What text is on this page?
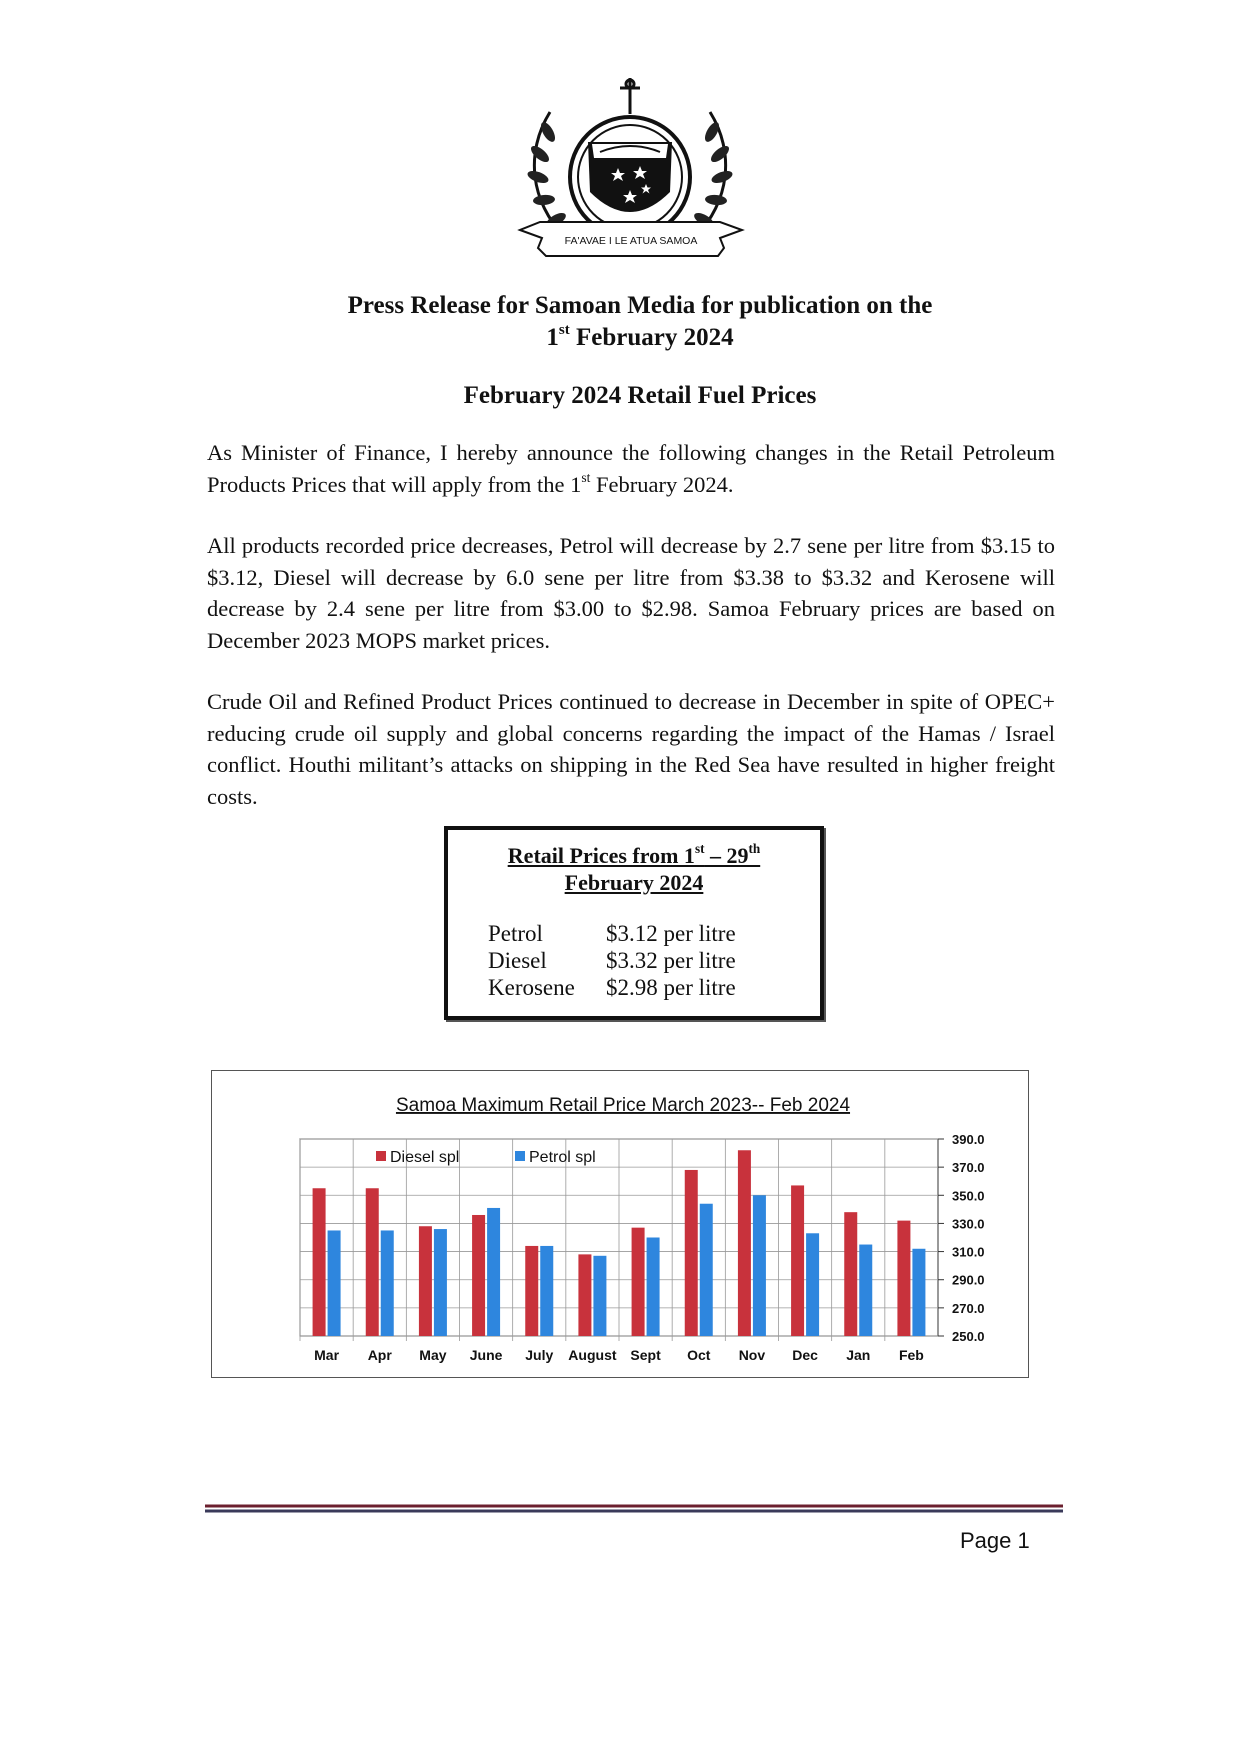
FA'AVAE I LE ATUA SAMOA
Press Release for Samoan Media for publication on the
1st February 2024
February 2024 Retail Fuel Prices

As Minister of Finance, I hereby announce the following changes in the Retail Petroleum Products Prices that will apply from the 1st February 2024.

All products recorded price decreases, Petrol will decrease by 2.7 sene per litre from $3.15 to $3.12, Diesel will decrease by 6.0 sene per litre from $3.38 to $3.32 and Kerosene will decrease by 2.4 sene per litre from $3.00 to $2.98. Samoa February prices are based on December 2023 MOPS market prices.

Crude Oil and Refined Product Prices continued to decrease in December in spite of OPEC+ reducing crude oil supply and global concerns regarding the impact of the Hamas / Israel conflict. Houthi militant’s attacks on shipping in the Red Sea have resulted in higher freight costs.

Retail Prices from 1st – 29th
February 2024
Petrol	$3.12 per litre
Diesel	$3.32 per litre
Kerosene	$2.98 per litre
Samoa Maximum Retail Price March 2023-- Feb 2024
390.0
370.0
350.0
330.0
310.0
290.0
270.0
250.0
Mar Apr May June July August Sept Oct Nov Dec Jan Feb
Diesel spl	Petrol spl
Page 1
